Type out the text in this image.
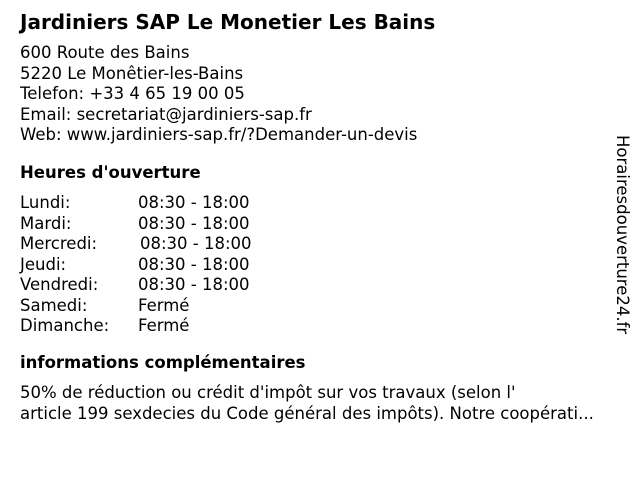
Jardiniers SAP Le Monetier Les Bains
600 Route des Bains
5220 Le Monêtier-les-Bains
Telefon: +33 4 65 19 00 05
Email: secretariat@jardiniers-sap.fr
Web: www.jardiniers-sap.fr/?Demander-un-devis
Heures d'ouverture
Lundi:	08:30 - 18:00
Mardi:	08:30 - 18:00
Mercredi:	08:30 - 18:00
Jeudi:	08:30 - 18:00
Vendredi: 08:30 - 18:00
Samedi:	Fermé
Dimanche: Fermé
informations complémentaires
50% de réduction ou crédit d'impôt sur vos travaux (selon l'
article 199 sexdecies du Code général des impôts). Notre coopérati...
Horairesdouverture24.fr
